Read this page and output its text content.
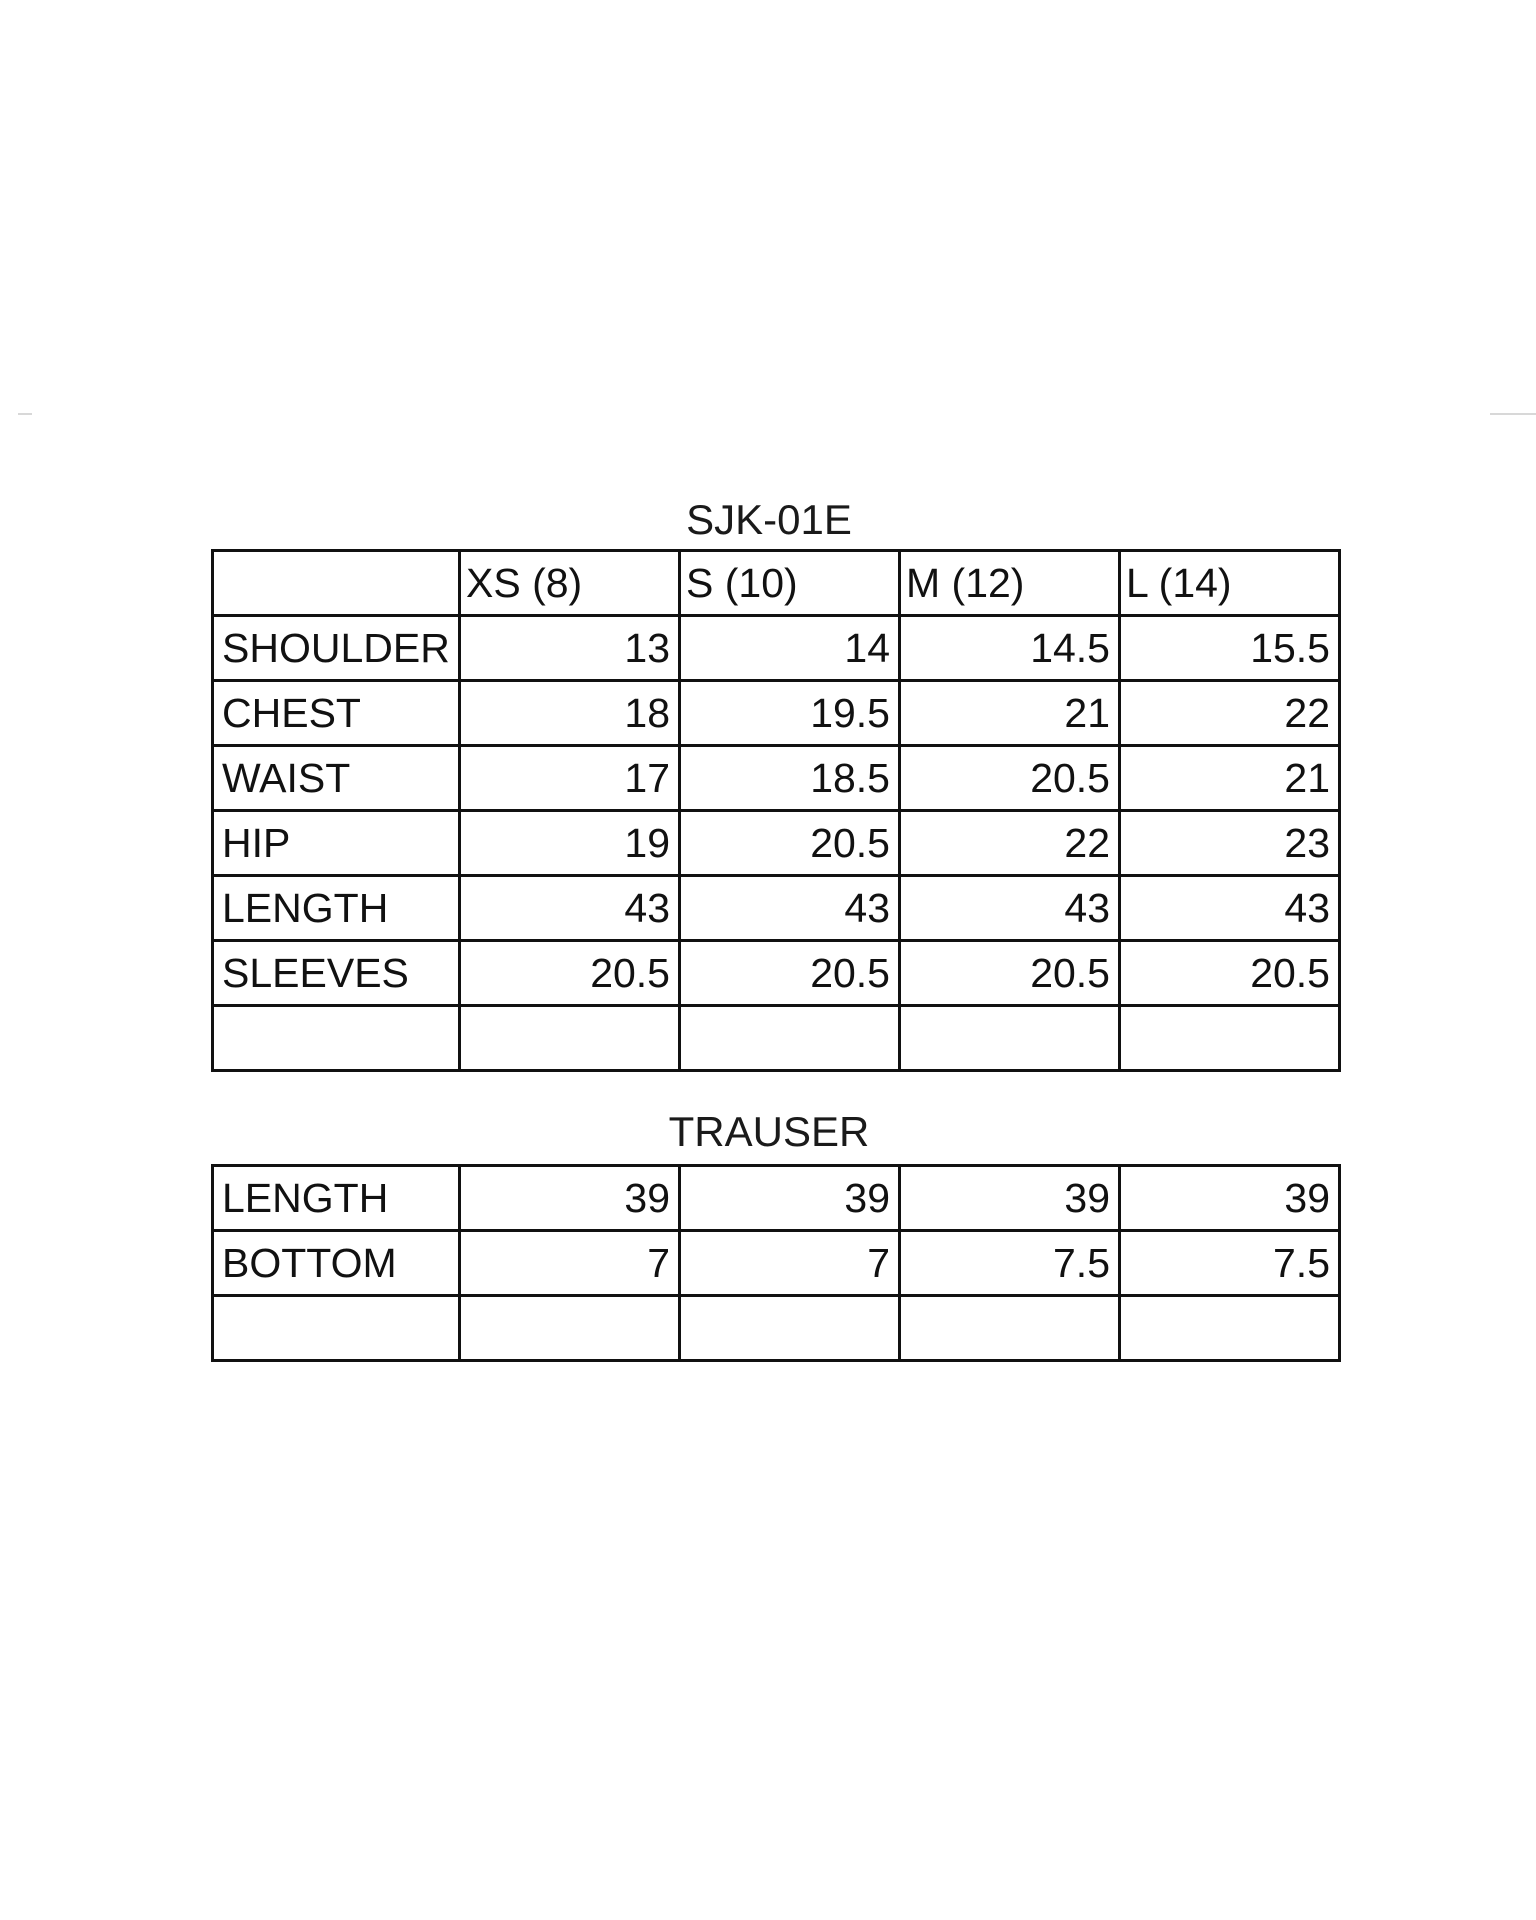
SJK-01E
	XS (8)	S (10)	M (12)	L (14)
SHOULDER	13	14	14.5	15.5
CHEST	18	19.5	21	22
WAIST	17	18.5	20.5	21
HIP	19	20.5	22	23
LENGTH	43	43	43	43
SLEEVES	20.5	20.5	20.5	20.5

TRAUSER
LENGTH	39	39	39	39
BOTTOM	7	7	7.5	7.5
